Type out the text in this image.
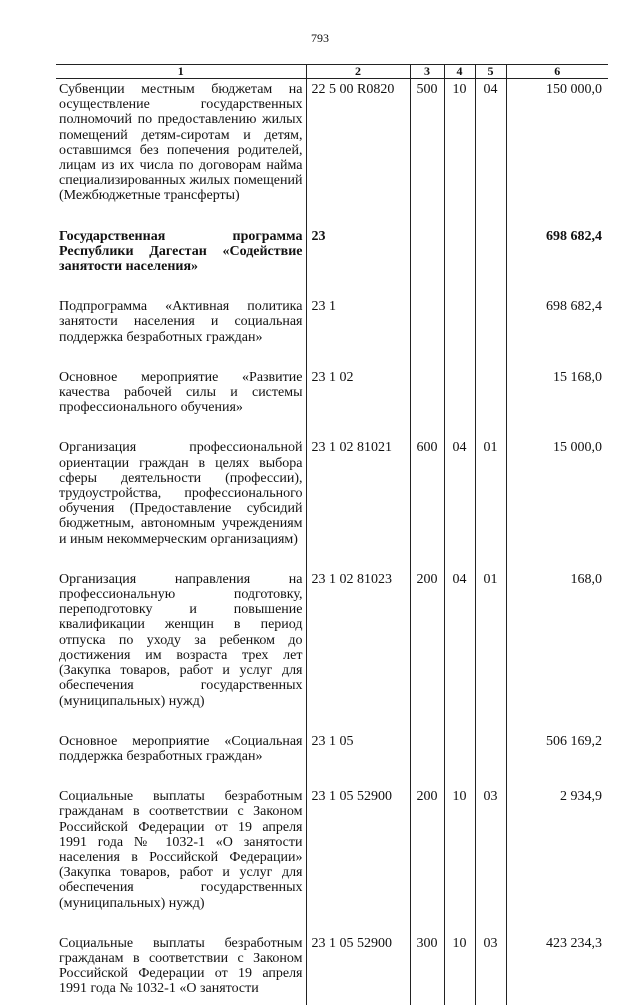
793
1	2	3	4	5	6
Субвенции местным бюджетам на осуществление государственных полномочий по предоставлению жилых помещений детям-сиротам и детям, оставшимся без попечения родителей, лицам из их числа по договорам найма специализированных жилых помещений (Межбюджетные трансферты)	22 5 00 R0820	500	10	04	150 000,0
Государственная программа Республики Дагестан «Содействие занятости населения»	23				698 682,4
Подпрограмма «Активная политика занятости населения и социальная поддержка безработных граждан»	23 1				698 682,4
Основное мероприятие «Развитие качества рабочей силы и системы профессионального обучения»	23 1 02				15 168,0
Организация профессиональной ориентации граждан в целях выбора сферы деятельности (профессии), трудоустройства, профессионального обучения (Предоставление субсидий бюджетным, автономным учреждениям и иным некоммерческим организациям)	23 1 02 81021	600	04	01	15 000,0
Организация направления на профессиональную подготовку, переподготовку и повышение квалификации женщин в период отпуска по уходу за ребенком до достижения им возраста трех лет (Закупка товаров, работ и услуг для обеспечения государственных (муниципальных) нужд)	23 1 02 81023	200	04	01	168,0
Основное мероприятие «Социальная поддержка безработных граждан»	23 1 05				506 169,2
Социальные выплаты безработным гражданам в соответствии с Законом Российской Федерации от 19 апреля 1991 года № 1032-1 «О занятости населения в Российской Федерации» (Закупка товаров, работ и услуг для обеспечения государственных (муниципальных) нужд)	23 1 05 52900	200	10	03	2 934,9
Социальные выплаты безработным гражданам в соответствии с Законом Российской Федерации от 19 апреля 1991 года № 1032-1 «О занятости	23 1 05 52900	300	10	03	423 234,3
